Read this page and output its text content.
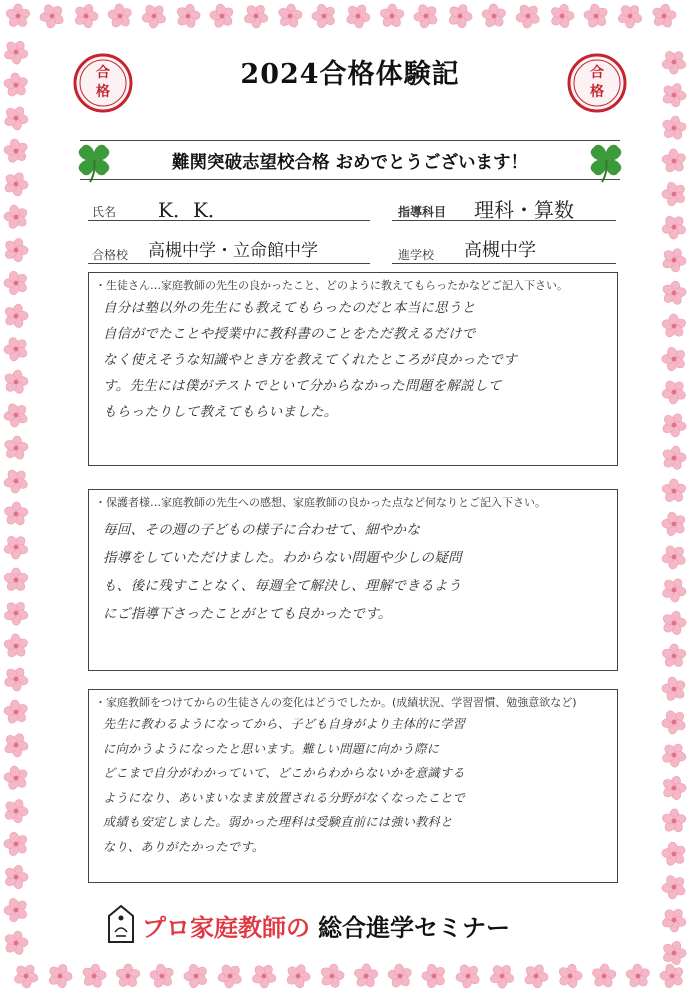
合格
合格
2024合格体験記
難関突破志望校合格 おめでとうございます！
氏名 K．K．	指導科目 理科・算数
合格校 高槻中学・立命館中学	進学校 高槻中学
・生徒さん…家庭教師の先生の良かったこと、どのように教えてもらったかなどご記入下さい。
自分は塾以外の先生にも教えてもらったのだと本当に思うと
自信がでたことや授業中に教科書のことをただ教えるだけで
なく使えそうな知識やとき方を教えてくれたところが良かったです
す。先生には僕がテストでといて分からなかった問題を解説して
もらったりして教えてもらいました。
・保護者様…家庭教師の先生への感想、家庭教師の良かった点など何なりとご記入下さい。
毎回、その週の子どもの様子に合わせて、細やかな
指導をしていただけました。わからない問題や少しの疑問
も、後に残すことなく、毎週全て解決し、理解できるよう
にご指導下さったことがとても良かったです。
・家庭教師をつけてからの生徒さんの変化はどうでしたか。(成績状況、学習習慣、勉強意欲など)
先生に教わるようになってから、子ども自身がより主体的に学習
に向かうようになったと思います。難しい問題に向かう際に
どこまで自分がわかっていて、どこからわからないかを意識する
ようになり、あいまいなまま放置される分野がなくなったことで
成績も安定しました。弱かった理科は受験直前には強い教科と
なり、ありがたかったです。
プロ家庭教師の 総合進学セミナー
